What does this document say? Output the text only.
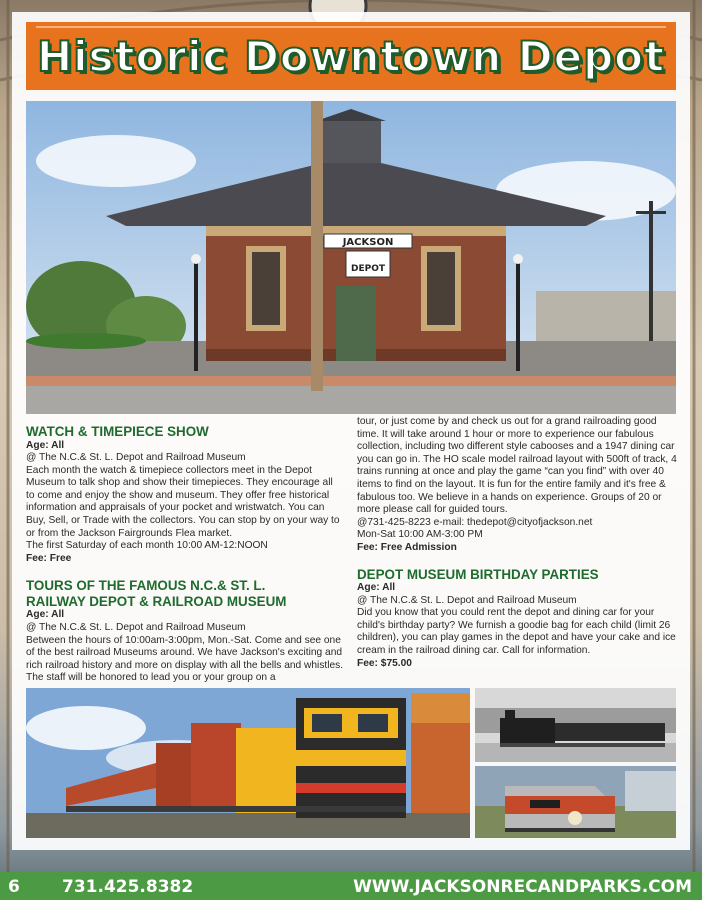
Historic Downtown Depot
JACKSON
DEPOT
WATCH & TIMEPIECE SHOW
Age: All
@ The N.C.& St. L. Depot and Railroad Museum
Each month the watch & timepiece collectors meet in the Depot Museum to talk shop and show their timepieces. They encourage all to come and enjoy the show and museum. They offer free historical information and appraisals of your pocket and wristwatch. You can Buy, Sell, or Trade with the collectors. You can stop by on your way to or from the Jackson Fairgrounds Flea market.
The first Saturday of each month 10:00 AM-12:NOON
Fee: Free
TOURS OF THE FAMOUS N.C.& ST. L.
RAILWAY DEPOT & RAILROAD MUSEUM
Age: All
@ The N.C.& St. L. Depot and Railroad Museum
Between the hours of 10:00am-3:00pm, Mon.-Sat. Come and see one of the best railroad Museums around. We have Jackson's exciting and rich railroad history and more on display with all the bells and whistles. The staff will be honored to lead you or your group on a
tour, or just come by and check us out for a grand railroading good time. It will take around 1 hour or more to experience our fabulous collection, including two different style cabooses and a 1947 dining car you can go in. The HO scale model railroad layout with 500ft of track, 4 trains running at once and play the game “can you find” with over 40 items to find on the layout. It is fun for the entire family and it's free & fabulous too. We believe in a hands on experience. Groups of 20 or more please call for guided tours.
@731-425-8223 e-mail: thedepot@cityofjackson.net
Mon-Sat 10:00 AM-3:00 PM
Fee: Free Admission
DEPOT MUSEUM BIRTHDAY PARTIES
Age: All
@ The N.C.& St. L. Depot and Railroad Museum
Did you know that you could rent the depot and dining car for your child's birthday party? We furnish a goodie bag for each child (limit 26 children), you can play games in the depot and have your cake and ice cream in the railroad dining car. Call for information.
Fee: $75.00
6 731.425.8382	WWW.JACKSONRECANDPARKS.COM
